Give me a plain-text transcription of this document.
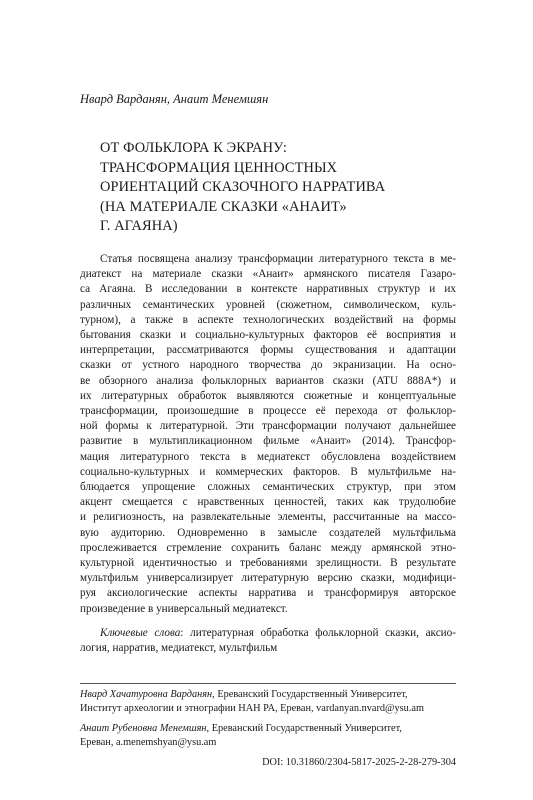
Нвард Варданян, Анаит Менемшян
ОТ ФОЛЬКЛОРА К ЭКРАНУ:
ТРАНСФОРМАЦИЯ ЦЕННОСТНЫХ
ОРИЕНТАЦИЙ СКАЗОЧНОГО НАРРАТИВА
(НА МАТЕРИАЛЕ СКАЗКИ «АНАИТ»
Г. АГАЯНА)
Статья посвящена анализу трансформации литературного текста в ме-
диатекст на материале сказки «Анаит» армянского писателя Газаро-
са Агаяна. В исследовании в контексте нарративных структур и их
различных семантических уровней (сюжетном, символическом, куль-
турном), а также в аспекте технологических воздействий на формы
бытования сказки и социально-культурных факторов её восприятия и
интерпретации, рассматриваются формы существования и адаптации
сказки от устного народного творчества до экранизации. На осно-
ве обзорного анализа фольклорных вариантов сказки (ATU 888A*) и
их литературных обработок выявляются сюжетные и концептуальные
трансформации, произошедшие в процессе её перехода от фольклор-
ной формы к литературной. Эти трансформации получают дальнейшее
развитие в мультипликационном фильме «Анаит» (2014). Трансфор-
мация литературного текста в медиатекст обусловлена воздействием
социально-культурных и коммерческих факторов. В мультфильме на-
блюдается упрощение сложных семантических структур, при этом
акцент смещается с нравственных ценностей, таких как трудолюбие
и религиозность, на развлекательные элементы, рассчитанные на массо-
вую аудиторию. Одновременно в замысле создателей мультфильма
прослеживается стремление сохранить баланс между армянской этно-
культурной идентичностью и требованиями зрелищности. В результате
мультфильм универсализирует литературную версию сказки, модифици-
руя аксиологические аспекты нарратива и трансформируя авторское
произведение в универсальный медиатекст.
Ключевые слова: литературная обработка фольклорной сказки, аксио-
логия, нарратив, медиатекст, мультфильм
Нвард Хачатуровна Варданян, Ереванский Государственный Университет,
Институт археологии и этнографии НАН РА, Ереван, vardanyan.nvard@ysu.am
Анаит Рубеновна Менемшян, Ереванский Государственный Университет,
Ереван, a.menemshyan@ysu.am
DOI: 10.31860/2304-5817-2025-2-28-279-304
